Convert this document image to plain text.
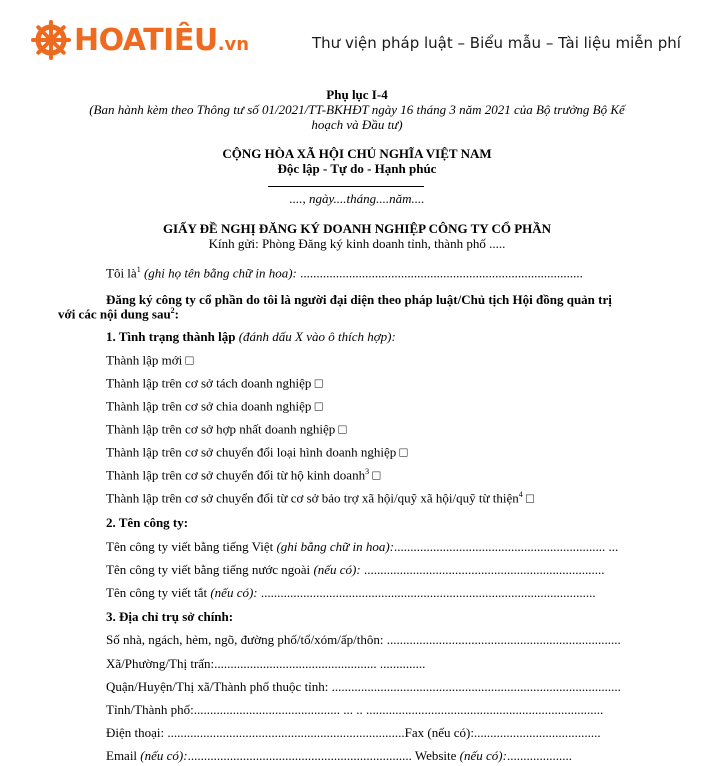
HOATIÊU .vn	Thư viện pháp luật – Biểu mẫu – Tài liệu miễn phí
Phụ lục I-4
(Ban hành kèm theo Thông tư số 01/2021/TT-BKHĐT ngày 16 tháng 3 năm 2021 của Bộ trưởng Bộ Kế
hoạch và Đầu tư)
CỘNG HÒA XÃ HỘI CHỦ NGHĨA VIỆT NAM
Độc lập - Tự do - Hạnh phúc
...., ngày....tháng....năm....
GIẤY ĐỀ NGHỊ ĐĂNG KÝ DOANH NGHIỆP CÔNG TY CỔ PHẦN
Kính gửi: Phòng Đăng ký kinh doanh tỉnh, thành phố .....
Tôi $là^1$ (ghi họ tên bằng chữ in hoa): .......................................................................................
Đăng ký công ty cổ phần do tôi là người đại diện theo pháp luật/Chủ tịch Hội đồng quản trị
với các nội dung sau$^2$:
1. Tình trạng thành lập (đánh dấu X vào ô thích hợp):
Thành lập mới □
Thành lập trên cơ sở tách doanh nghiệp □
Thành lập trên cơ sở chia doanh nghiệp □
Thành lập trên cơ sở hợp nhất doanh nghiệp □
Thành lập trên cơ sở chuyển đổi loại hình doanh nghiệp □
Thành lập trên cơ sở chuyển đổi từ hộ kinh doanh$^3$ □
Thành lập trên cơ sở chuyển đổi từ cơ sở bảo trợ xã hội/quỹ xã hội/quỹ từ thiện$^4$ □
2. Tên công ty:
Tên công ty viết bằng tiếng Việt (ghi bằng chữ in hoa):................................................................. ...
Tên công ty viết bằng tiếng nước ngoài (nếu có): ..........................................................................
Tên công ty viết tắt (nếu có): .......................................................................................................
3. Địa chỉ trụ sở chính:
Số nhà, ngách, hẻm, ngõ, đường phố/tổ/xóm/ấp/thôn: ........................................................................
Xã/Phường/Thị trấn:.................................................. ..............
Quận/Huyện/Thị xã/Thành phố thuộc tỉnh: .........................................................................................
Tỉnh/Thành phố:............................................. ... .. .........................................................................
Điện thoại: .........................................................................Fax (nếu có):.......................................
Email (nếu có):..................................................................... Website (nếu có):....................
